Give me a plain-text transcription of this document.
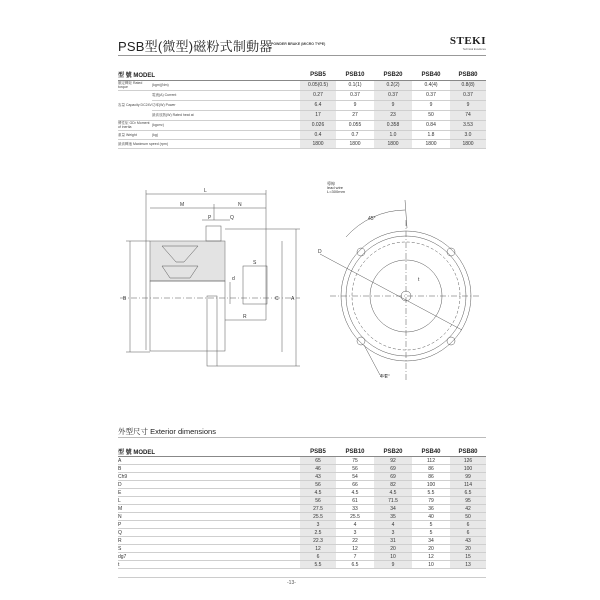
PSB型(微型)磁粉式制動器
POWDER BRAKE (MICRO TYPE)	STEKI
Technical Excellence
型 號 MODEL		PSB5	PSB10	PSB20	PSB40	PSB80
額定轉矩 Rated torque	(kgm)(Nm)	0.05(0.5)	0.1(1)	0.2(2)	0.4(4)	0.8(8)
容量 Capacity DC24V	電流(A) Current	0.27	0.37	0.37	0.37	0.37
	功率(W) Power	6.4	9	9	9	9
	最高放熱(W) Rated heat at	17	27	23	50	74
慣性矩 GD² Moment of inertia	(kgcm²)	0.026	0.055	0.358	0.84	3.53
重量 Weight	(kg)	0.4	0.7	1.0	1.8	3.0
最高轉速 Maximum speed (rpm)		1800	1800	1800	1800	1800
L
M	N
P	Q
S
d
R
B	C A
導線
lead wire
L=300mm
45°
D
t
4-E
外型尺寸 Exterior dimensions
型 號 MODEL	PSB5	PSB10	PSB20	PSB40	PSB80
A	65	75	92	112	126
B	46	56	69	86	100
Ch9	43	54	69	86	99
D	56	66	82	100	114
E	4.5	4.5	4.5	5.5	6.5
L	56	61	71.5	79	95
M	27.5	33	34	36	42
N	25.5	25.5	35	40	50
P	3	4	4	5	6
Q	2.5	3	3	5	6
R	22.3	22	31	34	43
S	12	12	20	20	20
dg7	6	7	10	12	15
t	5.5	6.5	9	10	13
-13-
